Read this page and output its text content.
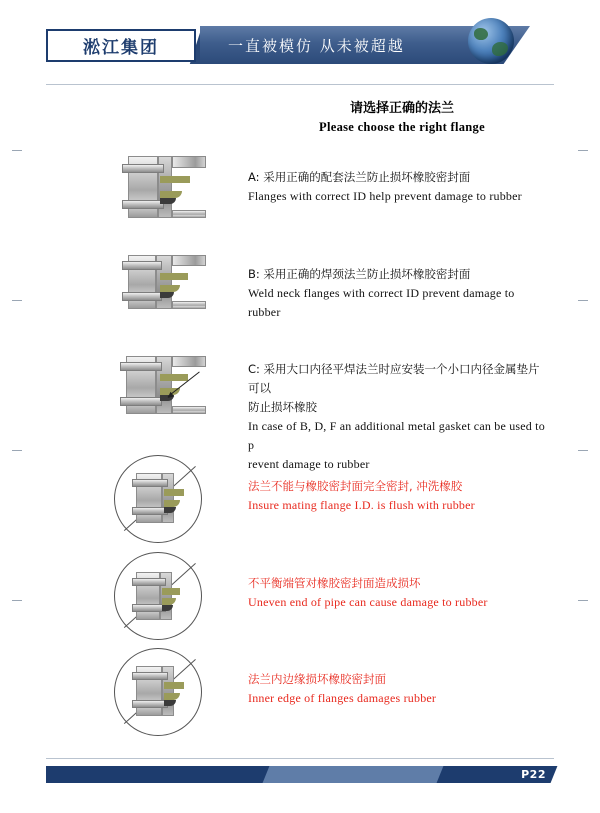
一直被模仿 从未被超越
淞江集团
请选择正确的法兰
Please choose the right flange
A: 采用正确的配套法兰防止损坏橡胶密封面
Flanges with correct ID help prevent damage to rubber
B: 采用正确的焊颈法兰防止损坏橡胶密封面
Weld neck flanges with correct ID prevent damage to rubber
C: 采用大口内径平焊法兰时应安装一个小口内径金属垫片可以
防止损坏橡胶
In case of B, D, F an additional metal gasket can be used to p
revent damage to rubber
法兰不能与橡胶密封面完全密封, 冲洗橡胶
Insure mating flange I.D. is flush with rubber
不平衡端管对橡胶密封面造成损坏
Uneven end of pipe can cause damage to rubber
法兰内边缘损坏橡胶密封面
Inner edge of flanges damages rubber
P22
